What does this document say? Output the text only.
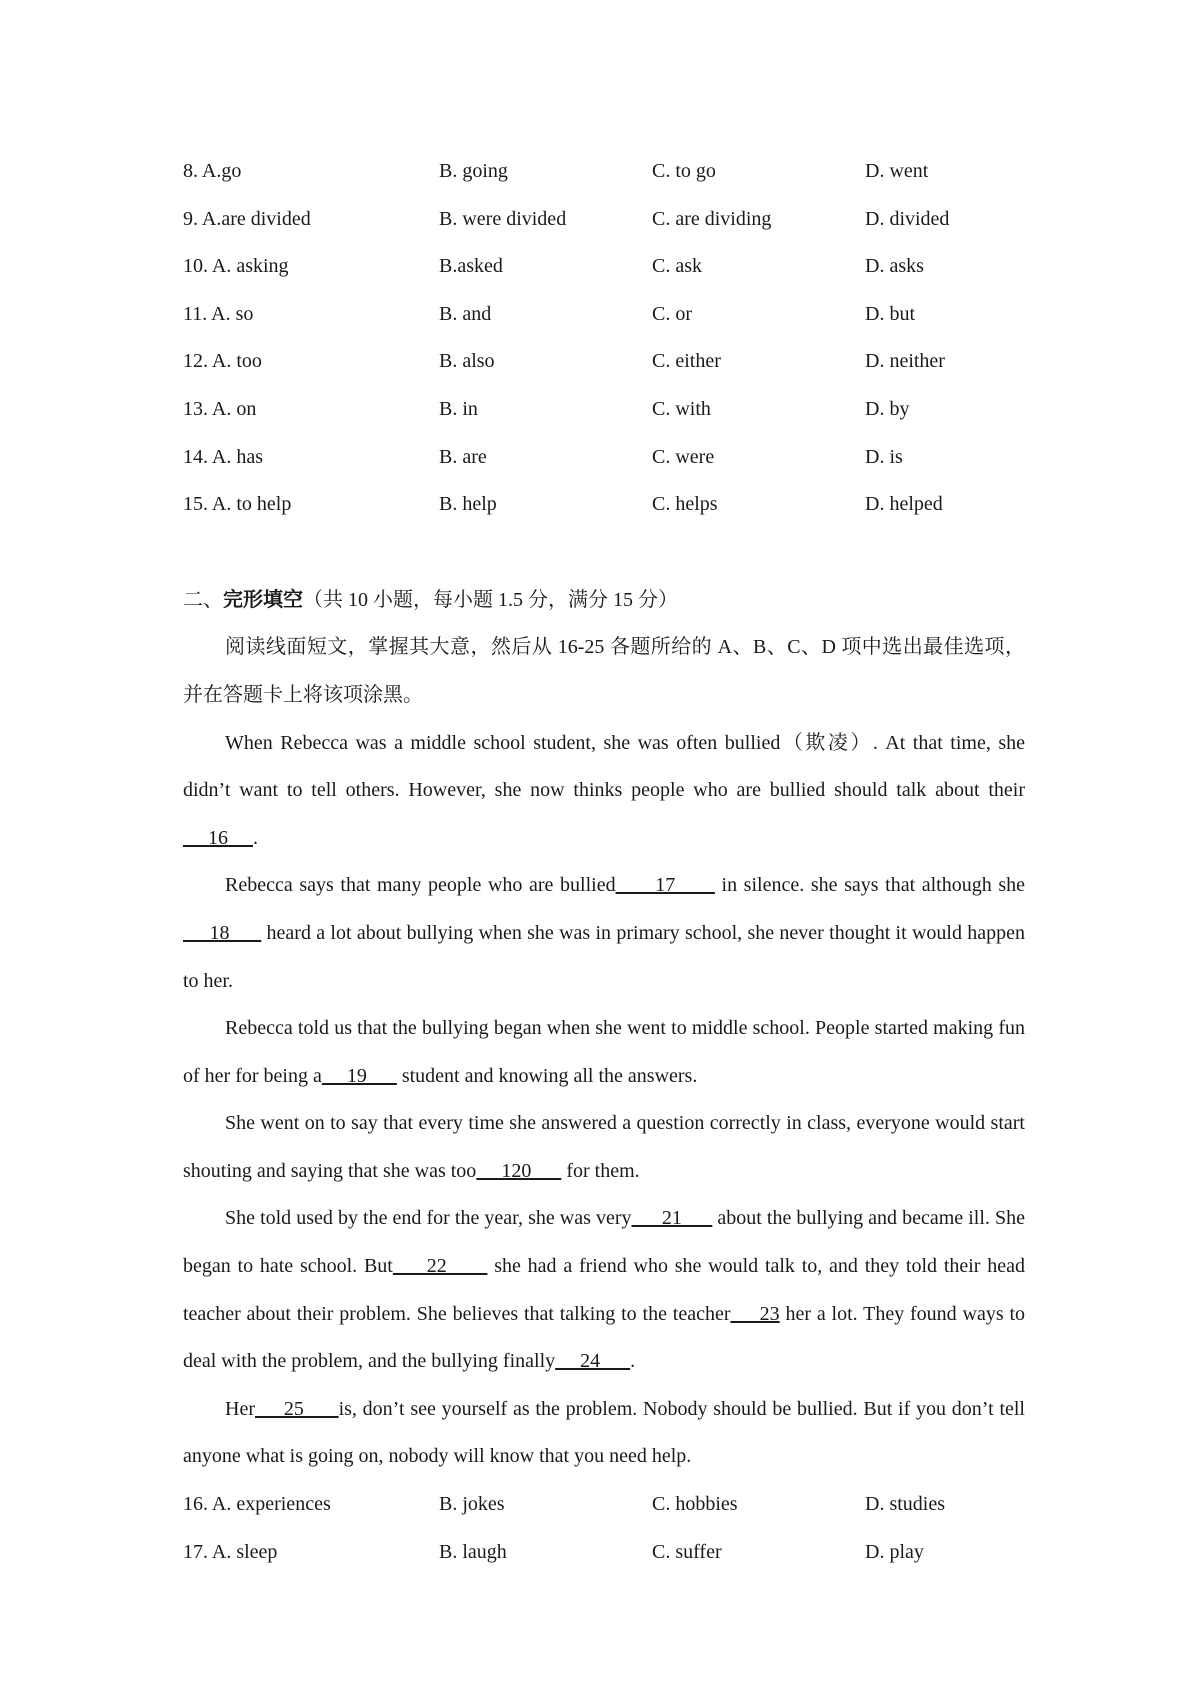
8. A.go	B. going	C. to go	D. went
9. A.are divided	B. were divided	C. are dividing	D. divided
10. A. asking	B.asked	C. ask	D. asks
11. A. so	B. and	C. or	D. but
12. A. too	B. also	C. either	D. neither
13. A. on	B. in	C. with	D. by
14. A. has	B. are	C. were	D. is
15. A. to help	B. help	C. helps	D. helped
二、完形填空（共 10 小题，每小题 1.5 分，满分 15 分）

阅读线面短文，掌握其大意，然后从 16-25 各题所给的 A、B、C、D 项中选出最佳选项，并在答题卡上将该项涂黑。

When Rebecca was a middle school student, she was often bullied（欺凌）. At that time, she didn’t want to tell others. However, she now thinks people who are bullied should talk about their      16     .

Rebecca says that many people who are bullied      17       in silence. she says that although she     18       heard a lot about bullying when she was in primary school, she never thought it would happen to her.

Rebecca told us that the bullying began when she went to middle school. People started making fun of her for being a     19       student and knowing all the answers.

She went on to say that every time she answered a question correctly in class, everyone would start shouting and saying that she was too     120       for them.

She told used by the end for the year, she was very      21       about the bullying and became ill. She began to hate school. But     22       she had a friend who she would talk to, and they told their head teacher about their problem. She believes that talking to the teacher     23 her a lot. They found ways to deal with the problem, and the bullying finally     24      .

Her     25      is, don’t see yourself as the problem. Nobody should be bullied. But if you don’t tell anyone what is going on, nobody will know that you need help.

16. A. experiences	B. jokes	C. hobbies	D. studies
17. A. sleep	B. laugh	C. suffer	D. play
